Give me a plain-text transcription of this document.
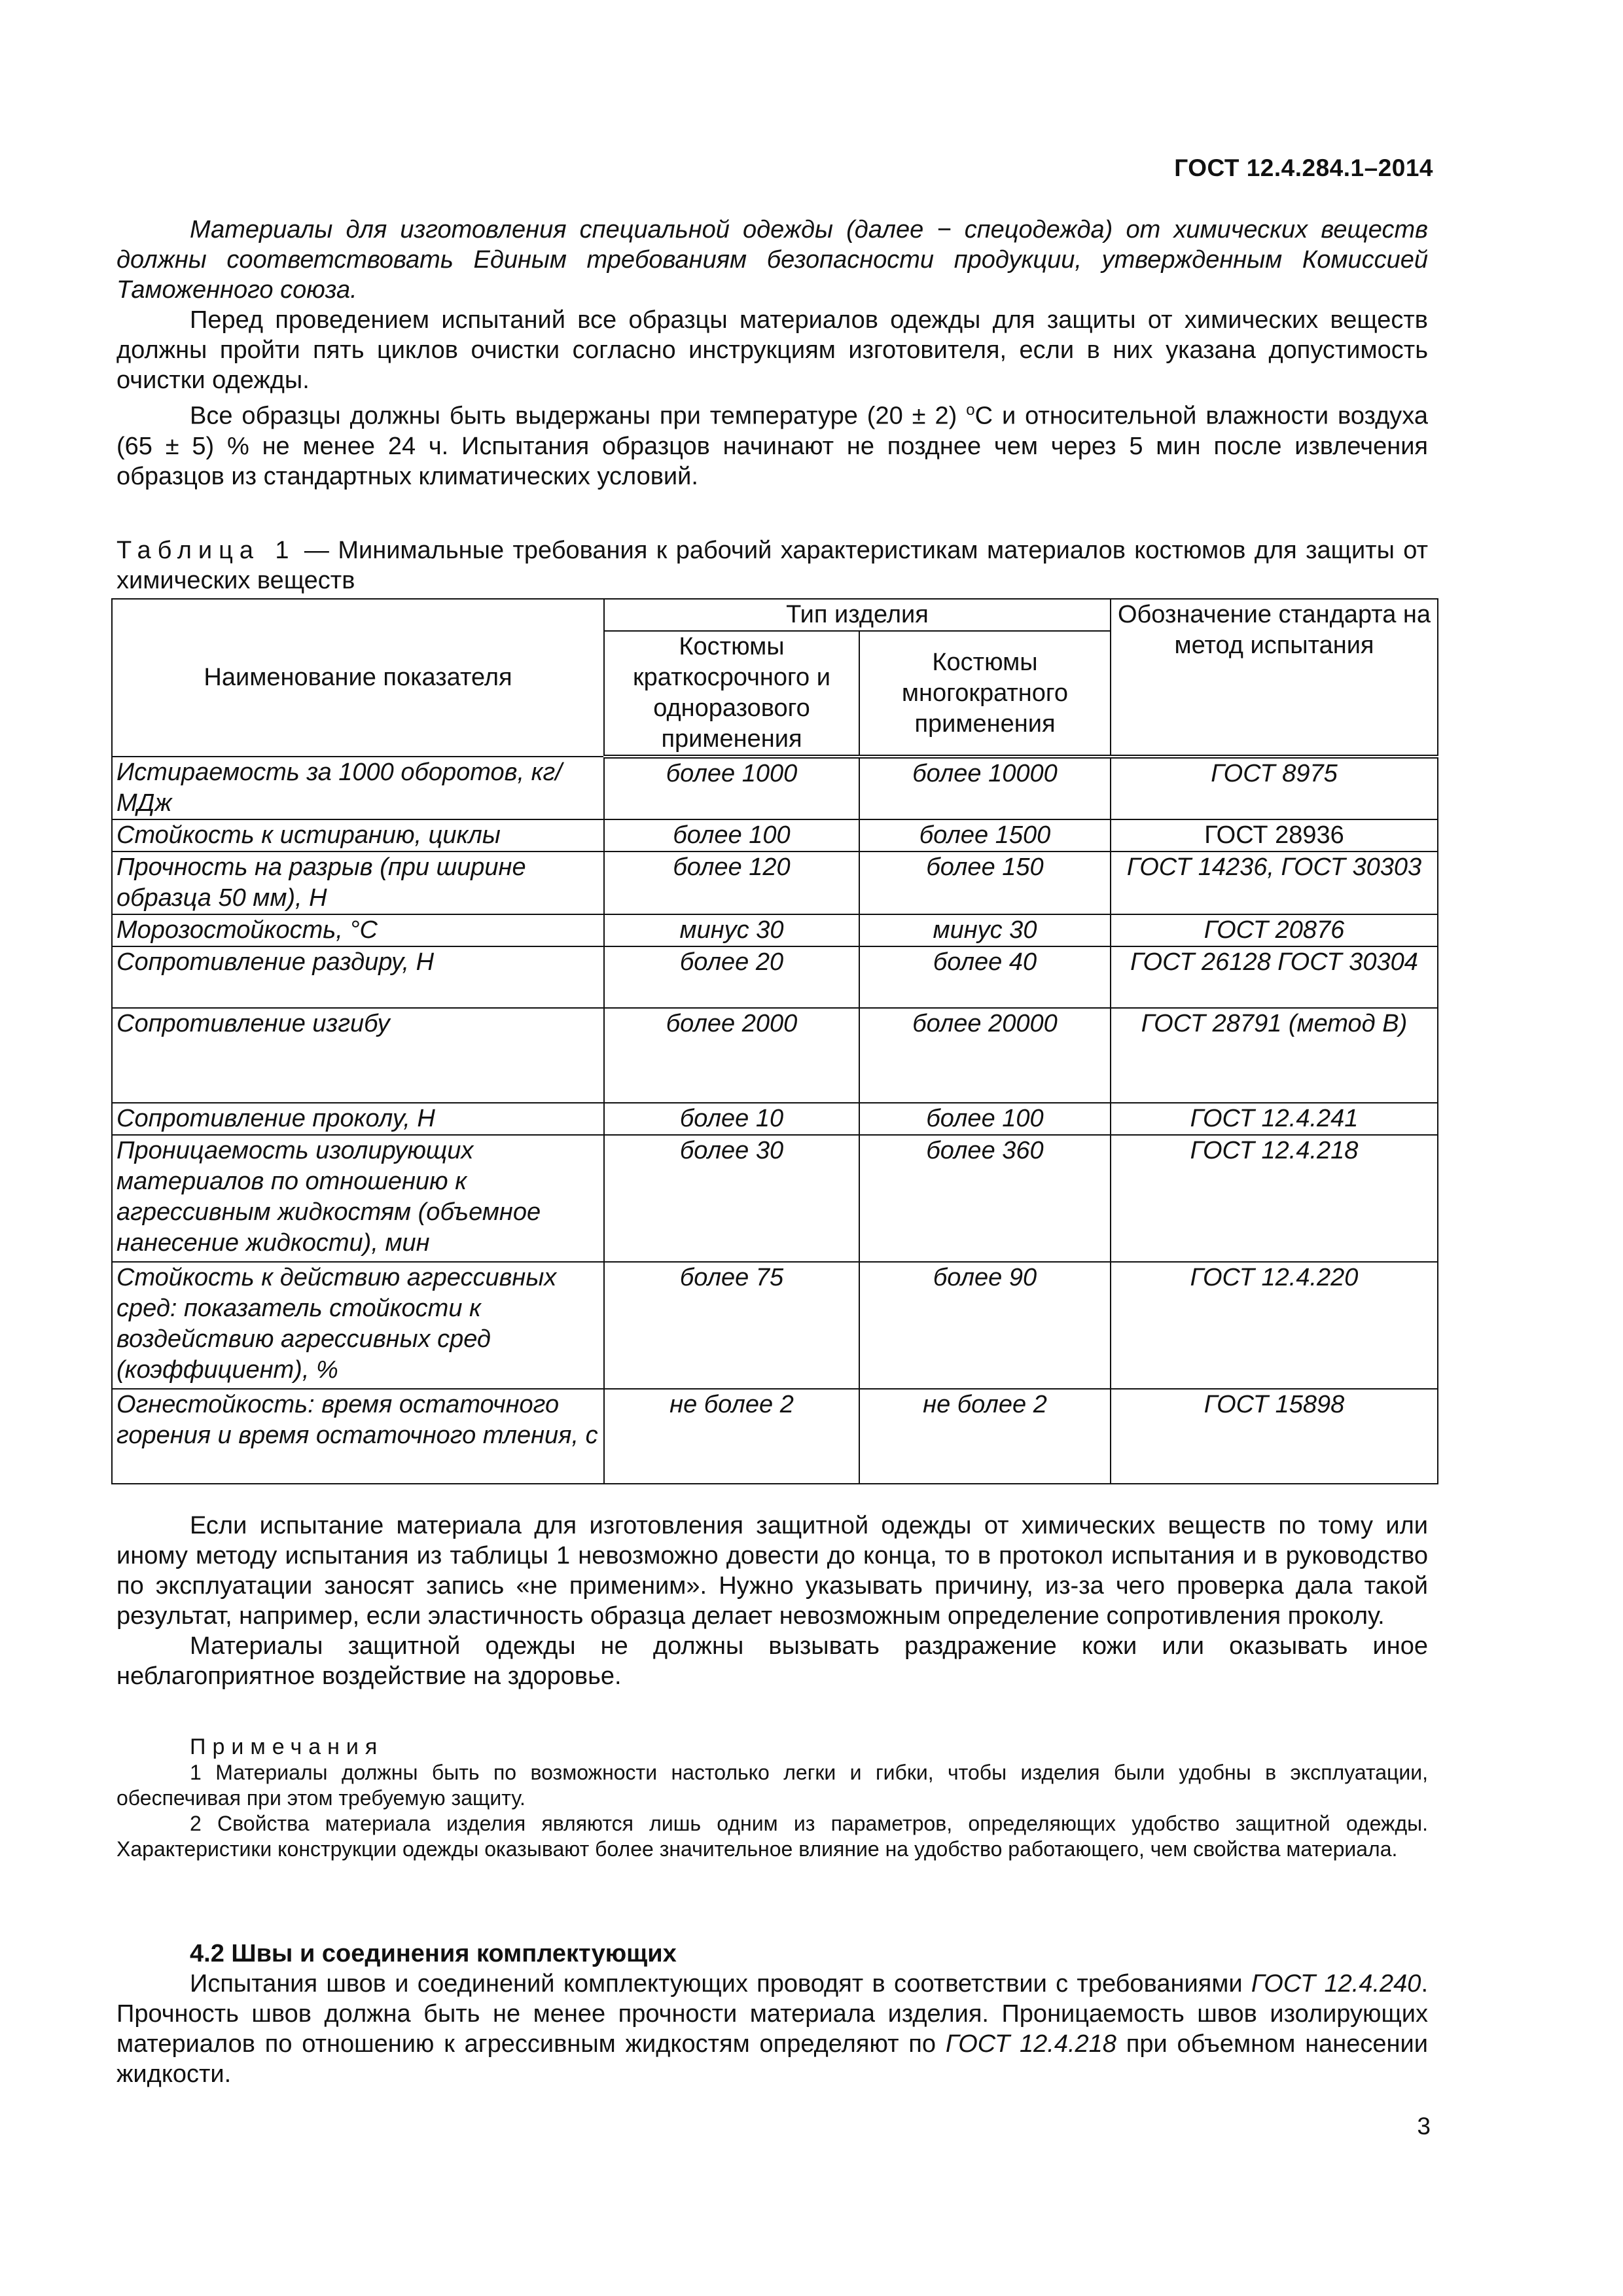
ГОСТ 12.4.284.1–2014

Материалы для изготовления специальной одежды (далее − спецодежда) от химических веществ должны соответствовать Единым требованиям безопасности продукции, утвержденным Комиссией Таможенного союза.

Перед проведением испытаний все образцы материалов одежды для защиты от химических веществ должны пройти пять циклов очистки согласно инструкциям изготовителя, если в них указана допустимость очистки одежды.

Все образцы должны быть выдержаны при температуре (20 ± 2) $^o$C и относительной влажности воздуха (65 ± 5) % не менее 24 ч. Испытания образцов начинают не позднее чем через 5 мин после извлечения образцов из стандартных климатических условий.

Таблица 1 — Минимальные требования к рабочий характеристикам материалов костюмов для защиты от химических веществ

Наименование показателя	Тип изделия		Обозначение стандарта на метод испытания
	Костюмы краткосрочного и одноразового применения	Костюмы многократного применения	
Истираемость за 1000 оборотов, кг/МДж	более 1000	более 10000	ГОСТ 8975
Стойкость к истиранию, циклы	более 100	более 1500	ГОСТ 28936
Прочность на разрыв (при ширине образца 50 мм), Н	более 120	более 150	ГОСТ 14236, ГОСТ 30303
Морозостойкость, °С	минус 30	минус 30	ГОСТ 20876
Сопротивление раздиру, Н	более 20	более 40	ГОСТ 26128 ГОСТ 30304
Сопротивление изгибу	более 2000	более 20000	ГОСТ 28791 (метод В)
Сопротивление проколу, Н	более 10	более 100	ГОСТ 12.4.241
Проницаемость изолирующих материалов по отношению к агрессивным жидкостям (объемное нанесение жидкости), мин	более 30	более 360	ГОСТ 12.4.218
Стойкость к действию агрессивных сред: показатель стойкости к воздействию агрессивных сред (коэффициент), %	более 75	более 90	ГОСТ 12.4.220
Огнестойкость: время остаточного горения и время остаточного тления, с	не более 2	не более 2	ГОСТ 15898

Если испытание материала для изготовления защитной одежды от химических веществ по тому или иному методу испытания из таблицы 1 невозможно довести до конца, то в протокол испытания и в руководство по эксплуатации заносят запись «не применим». Нужно указывать причину, из-за чего проверка дала такой результат, например, если эластичность образца делает невозможным определение сопротивления проколу.

Материалы защитной одежды не должны вызывать раздражение кожи или оказывать иное неблагоприятное воздействие на здоровье.

Примечания

1 Материалы должны быть по возможности настолько легки и гибки, чтобы изделия были удобны в эксплуатации, обеспечивая при этом требуемую защиту.

2 Свойства материала изделия являются лишь одним из параметров, определяющих удобство защитной одежды. Характеристики конструкции одежды оказывают более значительное влияние на удобство работающего, чем свойства материала.

4.2 Швы и соединения комплектующих

Испытания швов и соединений комплектующих проводят в соответствии с требованиями ГОСТ 12.4.240. Прочность швов должна быть не менее прочности материала изделия. Проницаемость швов изолирующих материалов по отношению к агрессивным жидкостям определяют по ГОСТ 12.4.218 при объемном нанесении жидкости.

3
